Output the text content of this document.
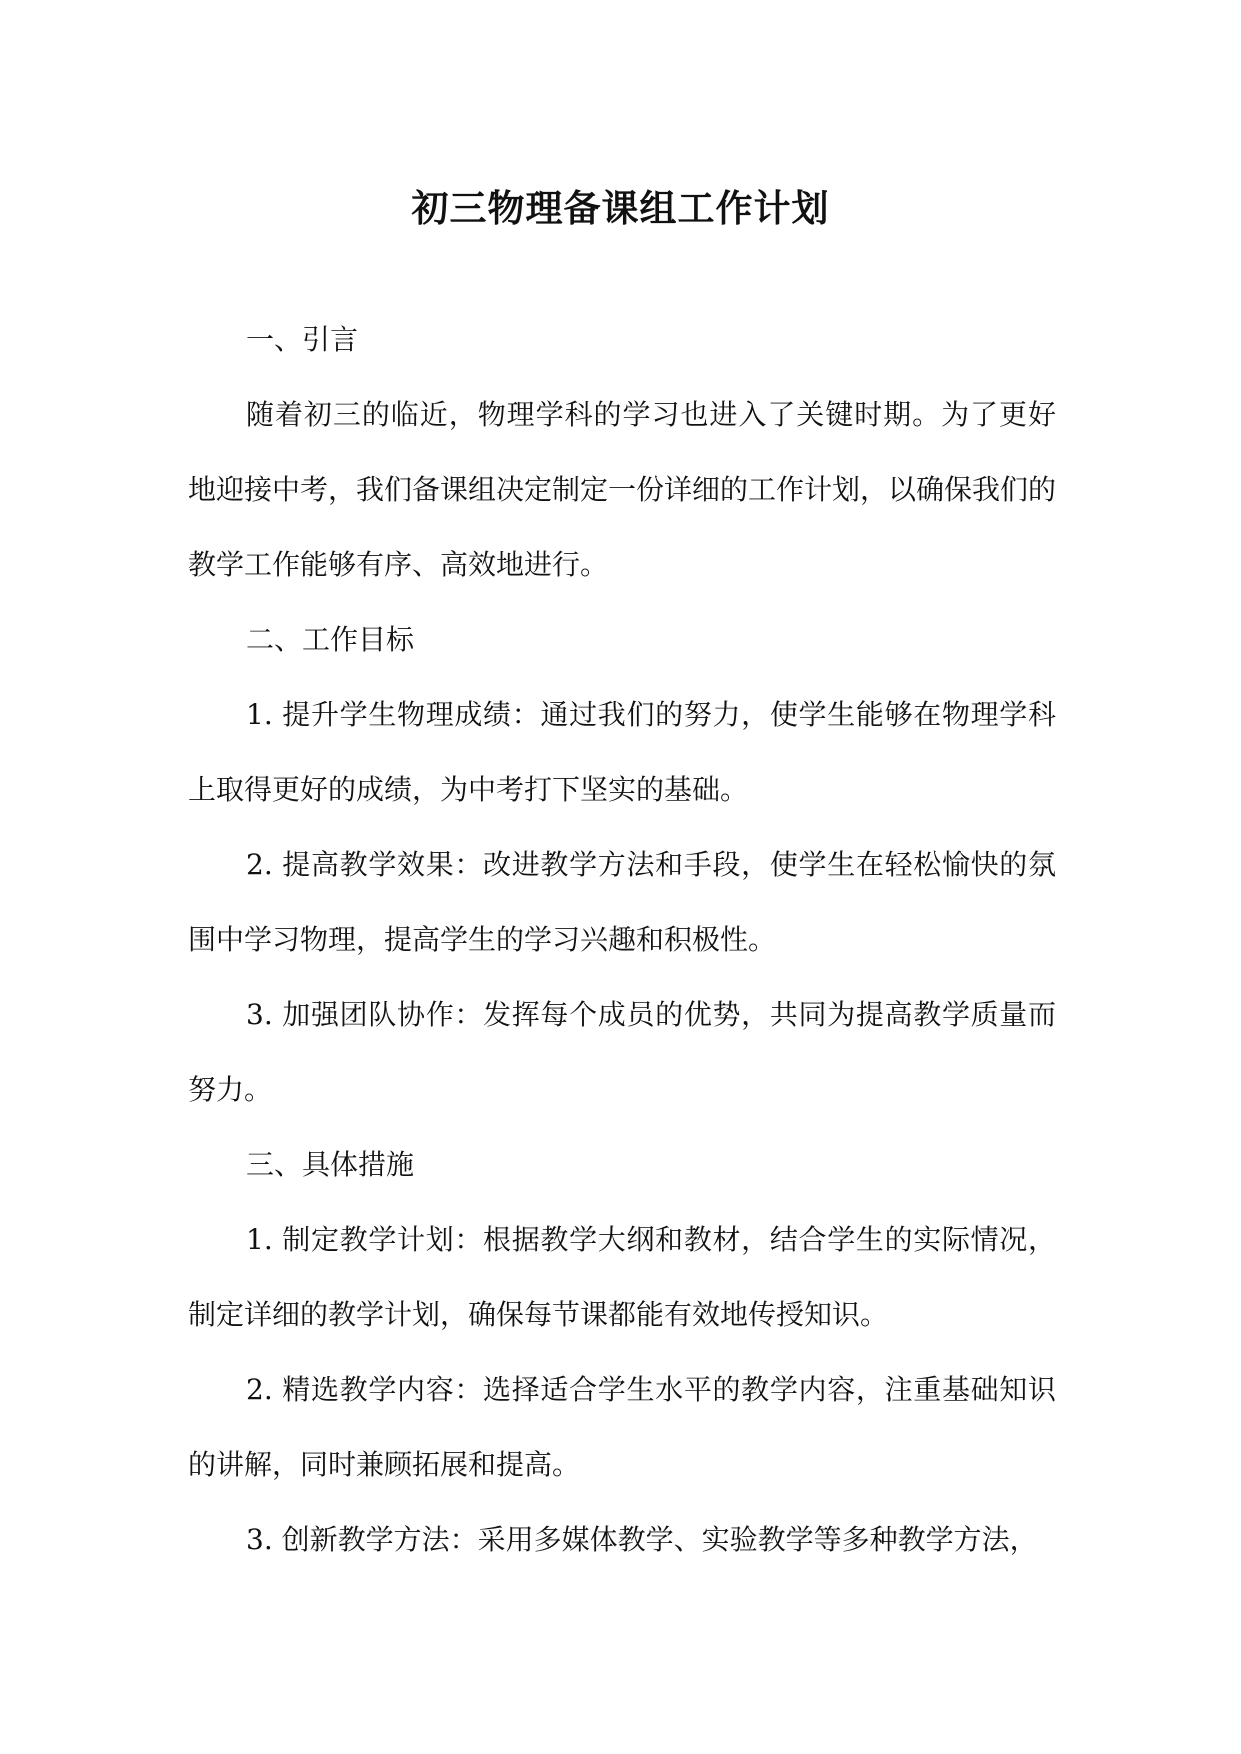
初三物理备课组工作计划

一、引言

随着初三的临近，物理学科的学习也进入了关键时期。为了更好地迎接中考，我们备课组决定制定一份详细的工作计划，以确保我们的教学工作能够有序、高效地进行。

二、工作目标

1. 提升学生物理成绩：通过我们的努力，使学生能够在物理学科上取得更好的成绩，为中考打下坚实的基础。

2. 提高教学效果：改进教学方法和手段，使学生在轻松愉快的氛围中学习物理，提高学生的学习兴趣和积极性。

3. 加强团队协作：发挥每个成员的优势，共同为提高教学质量而努力。

三、具体措施

1. 制定教学计划：根据教学大纲和教材，结合学生的实际情况，制定详细的教学计划，确保每节课都能有效地传授知识。

2. 精选教学内容：选择适合学生水平的教学内容，注重基础知识的讲解，同时兼顾拓展和提高。

3. 创新教学方法：采用多媒体教学、实验教学等多种教学方法，
